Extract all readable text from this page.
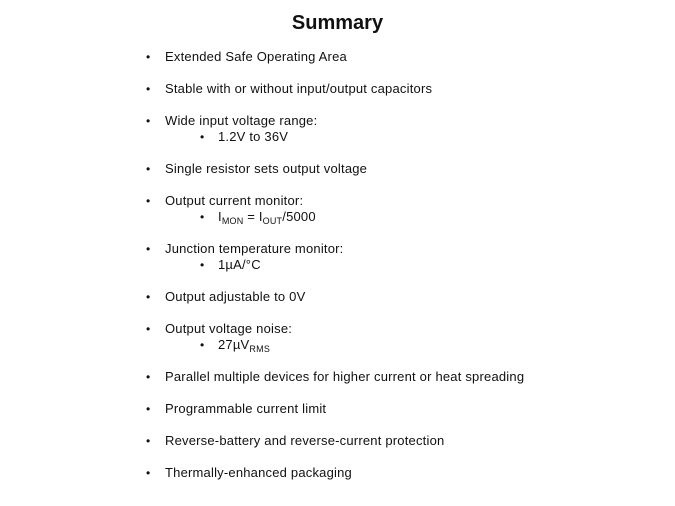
Summary
• Extended Safe Operating Area
• Stable with or without input/output capacitors
• Wide input voltage range:
• 1.2V to 36V
• Single resistor sets output voltage
• Output current monitor:
• $I_{MON} = I_{OUT}/5000$
• Junction temperature monitor:
• 1µA/°C
• Output adjustable to 0V
• Output voltage noise:
• 27µV$_{RMS}$
• Parallel multiple devices for higher current or heat spreading
• Programmable current limit
• Reverse-battery and reverse-current protection
• Thermally-enhanced packaging
